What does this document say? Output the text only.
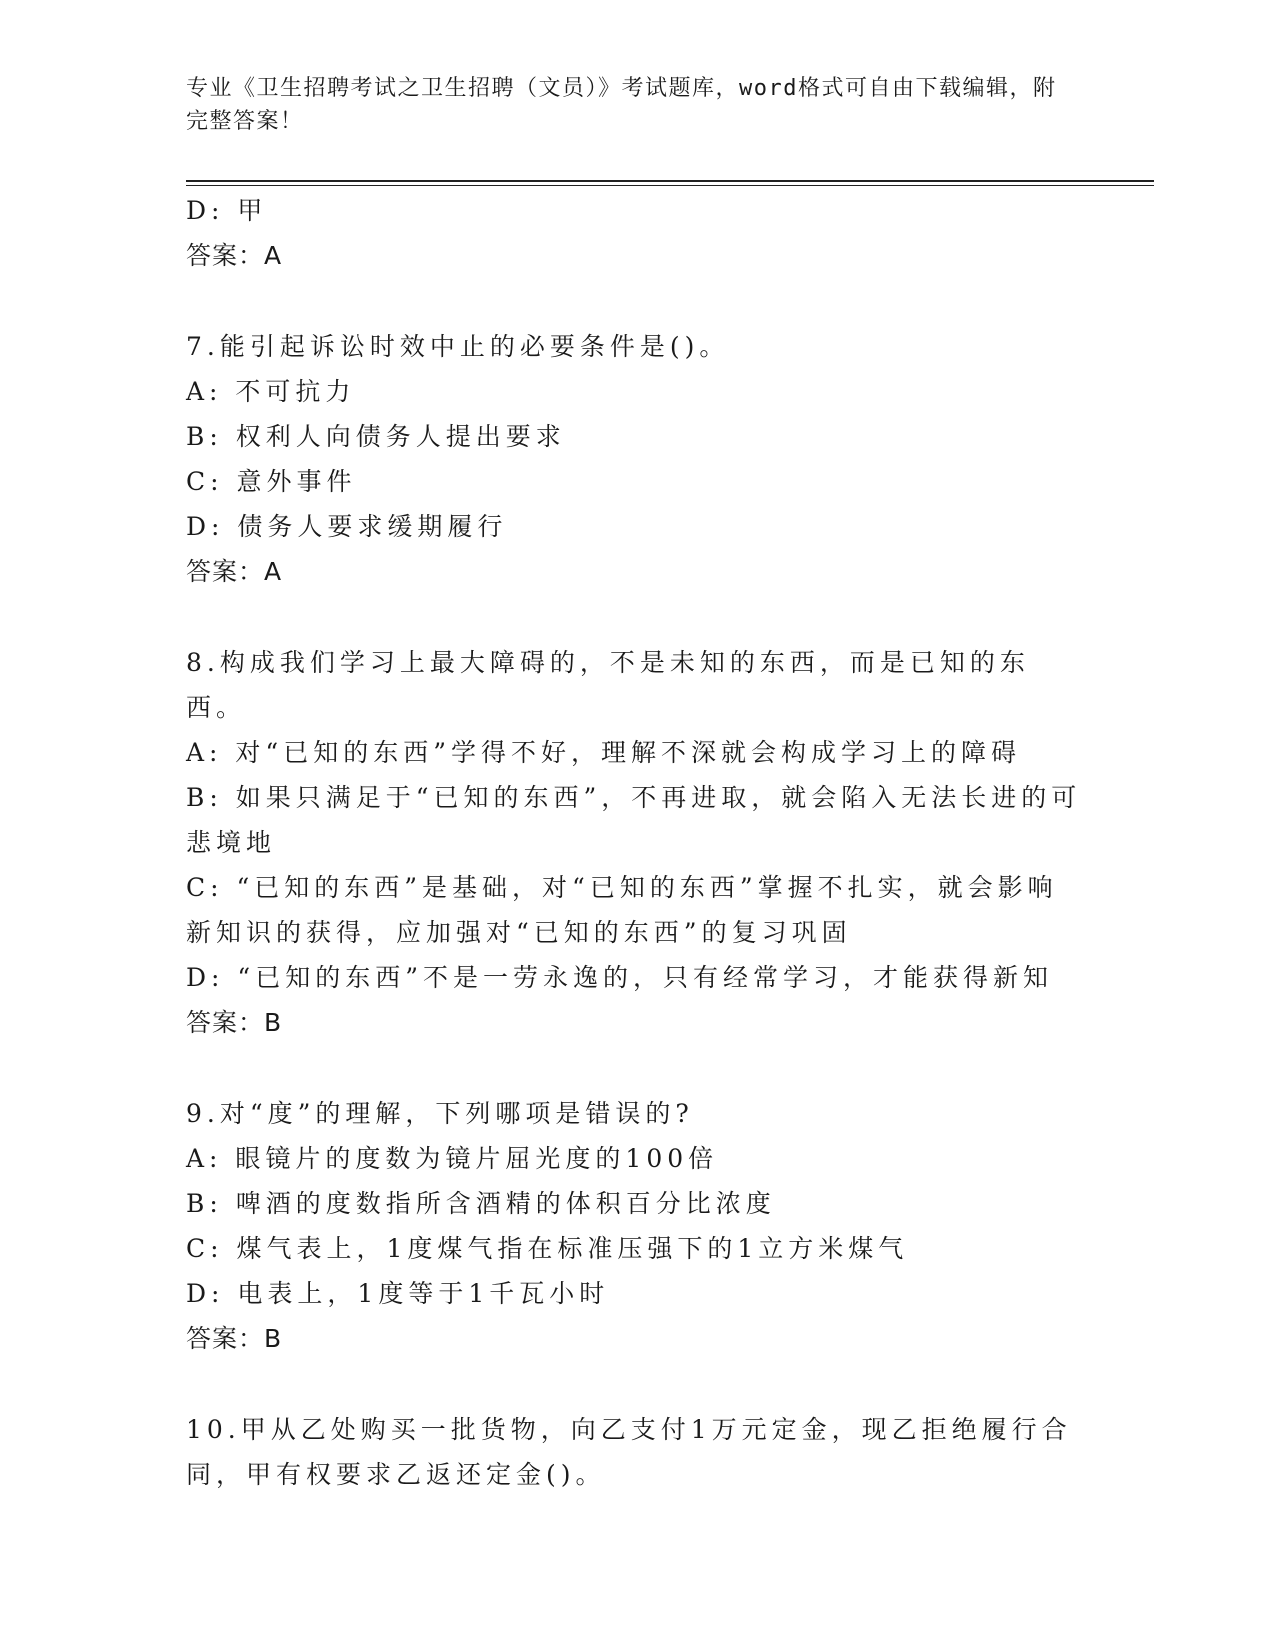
专业《卫生招聘考试之卫生招聘（文员）》考试题库，word格式可自由下载编辑，附完整答案！
D: 甲
答案：A
7.能引起诉讼时效中止的必要条件是()。
A: 不可抗力
B: 权利人向债务人提出要求
C: 意外事件
D: 债务人要求缓期履行
答案：A
8.构成我们学习上最大障碍的，不是未知的东西，而是已知的东西。
A: 对“已知的东西”学得不好，理解不深就会构成学习上的障碍
B: 如果只满足于“已知的东西”，不再进取，就会陷入无法长进的可悲境地
C: “已知的东西”是基础，对“已知的东西”掌握不扎实，就会影响新知识的获得，应加强对“已知的东西”的复习巩固
D: “已知的东西”不是一劳永逸的，只有经常学习，才能获得新知
答案：B
9.对“度”的理解，下列哪项是错误的?
A: 眼镜片的度数为镜片屈光度的100倍
B: 啤酒的度数指所含酒精的体积百分比浓度
C: 煤气表上，1度煤气指在标准压强下的1立方米煤气
D: 电表上，1度等于1千瓦小时
答案：B
10.甲从乙处购买一批货物，向乙支付1万元定金，现乙拒绝履行合同，甲有权要求乙返还定金()。
